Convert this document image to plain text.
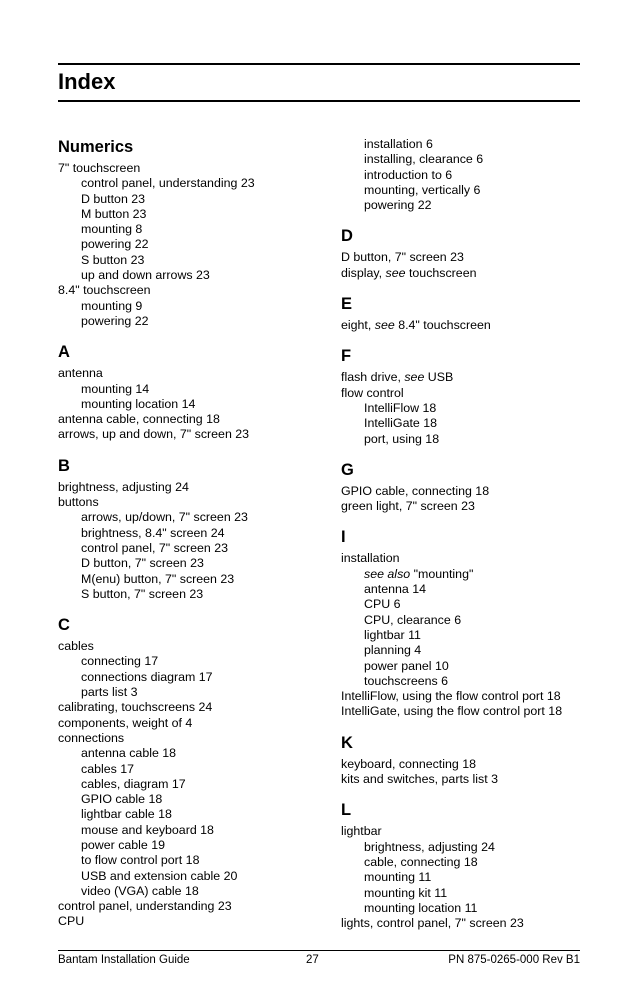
Index
Numerics
7" touchscreen
control panel, understanding 23
D button 23
M button 23
mounting 8
powering 22
S button 23
up and down arrows 23
8.4" touchscreen
mounting 9
powering 22
A
antenna
mounting 14
mounting location 14
antenna cable, connecting 18
arrows, up and down, 7" screen 23
B
brightness, adjusting 24
buttons
arrows, up/down, 7" screen 23
brightness, 8.4" screen 24
control panel, 7" screen 23
D button, 7" screen 23
M(enu) button, 7" screen 23
S button, 7" screen 23
C
cables
connecting 17
connections diagram 17
parts list 3
calibrating, touchscreens 24
components, weight of 4
connections
antenna cable 18
cables 17
cables, diagram 17
GPIO cable 18
lightbar cable 18
mouse and keyboard 18
power cable 19
to flow control port 18
USB and extension cable 20
video (VGA) cable 18
control panel, understanding 23
CPU
installation 6
installing, clearance 6
introduction to 6
mounting, vertically 6
powering 22
D
D button, 7" screen 23
display, see touchscreen
E
eight, see 8.4" touchscreen
F
flash drive, see USB
flow control
IntelliFlow 18
IntelliGate 18
port, using 18
G
GPIO cable, connecting 18
green light, 7" screen 23
I
installation
see also "mounting"
antenna 14
CPU 6
CPU, clearance 6
lightbar 11
planning 4
power panel 10
touchscreens 6
IntelliFlow, using the flow control port 18
IntelliGate, using the flow control port 18
K
keyboard, connecting 18
kits and switches, parts list 3
L
lightbar
brightness, adjusting 24
cable, connecting 18
mounting 11
mounting kit 11
mounting location 11
lights, control panel, 7" screen 23
Bantam Installation Guide	27	PN 875-0265-000 Rev B1
